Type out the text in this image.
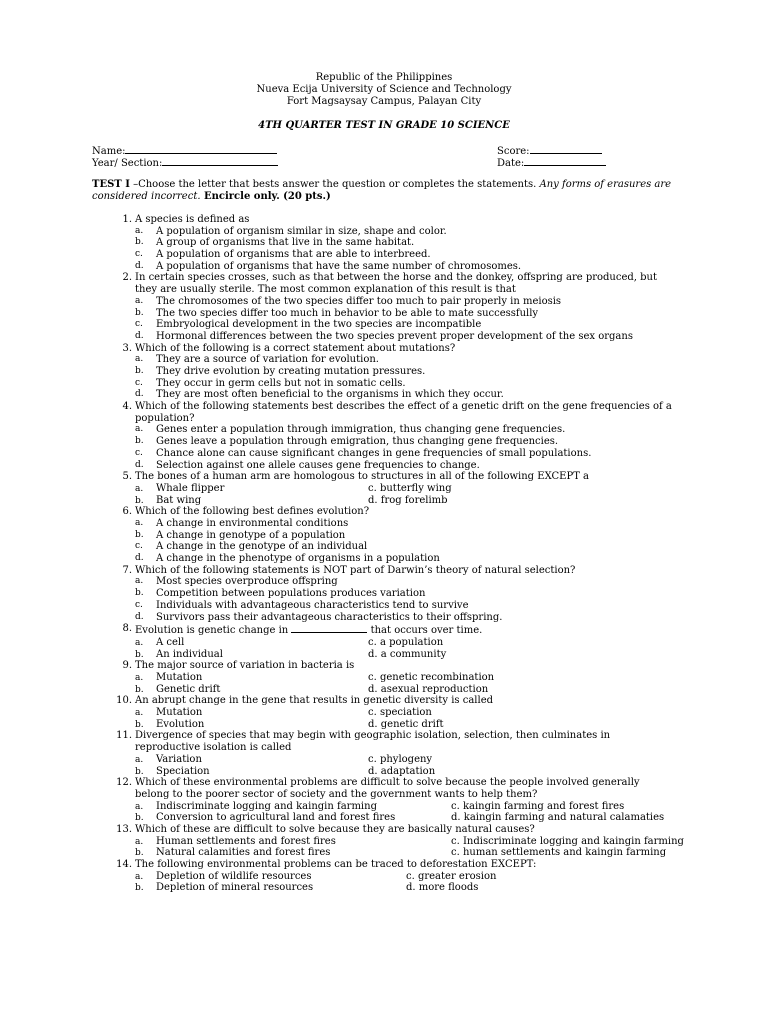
Republic of the Philippines
Nueva Ecija University of Science and Technology
Fort Magsaysay Campus, Palayan City
4TH QUARTER TEST IN GRADE 10 SCIENCE
Name:
Year/ Section:
Score:
Date:
TEST I –Choose the letter that bests answer the question or completes the statements. Any forms of erasures are considered incorrect. Encircle only. (20 pts.)
1. A species is defined as
a. A population of organism similar in size, shape and color.
b. A group of organisms that live in the same habitat.
c. A population of organisms that are able to interbreed.
d. A population of organisms that have the same number of chromosomes.
2. In certain species crosses, such as that between the horse and the donkey, offspring are produced, but they are usually sterile. The most common explanation of this result is that
a. The chromosomes of the two species differ too much to pair properly in meiosis
b. The two species differ too much in behavior to be able to mate successfully
c. Embryological development in the two species are incompatible
d. Hormonal differences between the two species prevent proper development of the sex organs
3. Which of the following is a correct statement about mutations?
a. They are a source of variation for evolution.
b. They drive evolution by creating mutation pressures.
c. They occur in germ cells but not in somatic cells.
d. They are most often beneficial to the organisms in which they occur.
4. Which of the following statements best describes the effect of a genetic drift on the gene frequencies of a population?
a. Genes enter a population through immigration, thus changing gene frequencies.
b. Genes leave a population through emigration, thus changing gene frequencies.
c. Chance alone can cause significant changes in gene frequencies of small populations.
d. Selection against one allele causes gene frequencies to change.
5. The bones of a human arm are homologous to structures in all of the following EXCEPT a
a. Whale flipper	c. butterfly wing
b. Bat wing	d. frog forelimb
6. Which of the following best defines evolution?
a. A change in environmental conditions
b. A change in genotype of a population
c. A change in the genotype of an individual
d. A change in the phenotype of organisms in a population
7. Which of the following statements is NOT part of Darwin’s theory of natural selection?
a. Most species overproduce offspring
b. Competition between populations produces variation
c. Individuals with advantageous characteristics tend to survive
d. Survivors pass their advantageous characteristics to their offspring.
8. Evolution is genetic change in	that occurs over time.
a. A cell	c. a population
b. An individual	d. a community
9. The major source of variation in bacteria is
a. Mutation	c. genetic recombination
b. Genetic drift	d. asexual reproduction
10. An abrupt change in the gene that results in genetic diversity is called
a. Mutation	c. speciation
b. Evolution	d. genetic drift
11. Divergence of species that may begin with geographic isolation, selection, then culminates in reproductive isolation is called
a. Variation	c. phylogeny
b. Speciation	d. adaptation
12. Which of these environmental problems are difficult to solve because the people involved generally belong to the poorer sector of society and the government wants to help them?
a. Indiscriminate logging and kaingin farming	c. kaingin farming and forest fires
b. Conversion to agricultural land and forest fires	d. kaingin farming and natural calamaties
13. Which of these are difficult to solve because they are basically natural causes?
a. Human settlements and forest fires	c. Indiscriminate logging and kaingin farming
b. Natural calamities and forest fires	c. human settlements and kaingin farming
14. The following environmental problems can be traced to deforestation EXCEPT:
a. Depletion of wildlife resources	c. greater erosion
b. Depletion of mineral resources	d. more floods
